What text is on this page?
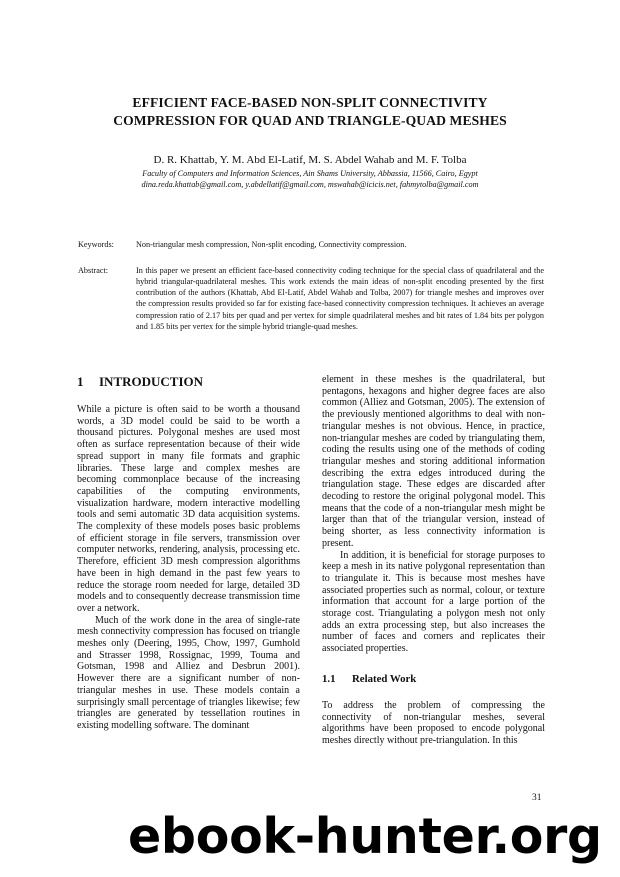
EFFICIENT FACE-BASED NON-SPLIT CONNECTIVITY
COMPRESSION FOR QUAD AND TRIANGLE-QUAD MESHES
D. R. Khattab, Y. M. Abd El-Latif, M. S. Abdel Wahab and M. F. Tolba
Faculty of Computers and Information Sciences, Ain Shams University, Abbassia, 11566, Cairo, Egypt
dina.reda.khattab@gmail.com, y.abdellatif@gmail.com, mswahab@icicis.net, fahmytolba@gmail.com
Keywords:	Non-triangular mesh compression, Non-split encoding, Connectivity compression.
Abstract:	In this paper we present an efficient face-based connectivity coding technique for the special class of quadrilateral and the hybrid triangular-quadrilateral meshes. This work extends the main ideas of non-split encoding presented by the first contribution of the authors (Khattab, Abd El-Latif, Abdel Wahab and Tolba, 2007) for triangle meshes and improves over the compression results provided so far for existing face-based connectivity compression techniques. It achieves an average compression ratio of 2.17 bits per quad and per vertex for simple quadrilateral meshes and bit rates of 1.84 bits per polygon and 1.85 bits per vertex for the simple hybrid triangle-quad meshes.
1 INTRODUCTION

While a picture is often said to be worth a thousand words, a 3D model could be said to be worth a thousand pictures. Polygonal meshes are used most often as surface representation because of their wide spread support in many file formats and graphic libraries. These large and complex meshes are becoming commonplace because of the increasing capabilities of the computing environments, visualization hardware, modern interactive modelling tools and semi automatic 3D data acquisition systems. The complexity of these models poses basic problems of efficient storage in file servers, transmission over computer networks, rendering, analysis, processing etc. Therefore, efficient 3D mesh compression algorithms have been in high demand in the past few years to reduce the storage room needed for large, detailed 3D models and to consequently decrease transmission time over a network.

Much of the work done in the area of single-rate mesh connectivity compression has focused on triangle meshes only (Deering, 1995, Chow, 1997, Gumhold and Strasser 1998, Rossignac, 1999, Touma and Gotsman, 1998 and Alliez and Desbrun 2001). However there are a significant number of non-triangular meshes in use. These models contain a surprisingly small percentage of triangles likewise; few triangles are generated by tessellation routines in existing modelling software. The dominant

element in these meshes is the quadrilateral, but pentagons, hexagons and higher degree faces are also common (Alliez and Gotsman, 2005). The extension of the previously mentioned algorithms to deal with non-triangular meshes is not obvious. Hence, in practice, non-triangular meshes are coded by triangulating them, coding the results using one of the methods of coding triangular meshes and storing additional information describing the extra edges introduced during the triangulation stage. These edges are discarded after decoding to restore the original polygonal model. This means that the code of a non-triangular mesh might be larger than that of the triangular version, instead of being shorter, as less connectivity information is present.

In addition, it is beneficial for storage purposes to keep a mesh in its native polygonal representation than to triangulate it. This is because most meshes have associated properties such as normal, colour, or texture information that account for a large portion of the storage cost. Triangulating a polygon mesh not only adds an extra processing step, but also increases the number of faces and corners and replicates their associated properties.

1.1 Related Work

To address the problem of compressing the connectivity of non-triangular meshes, several algorithms have been proposed to encode polygonal meshes directly without pre-triangulation. In this

31
ebook-hunter.org
